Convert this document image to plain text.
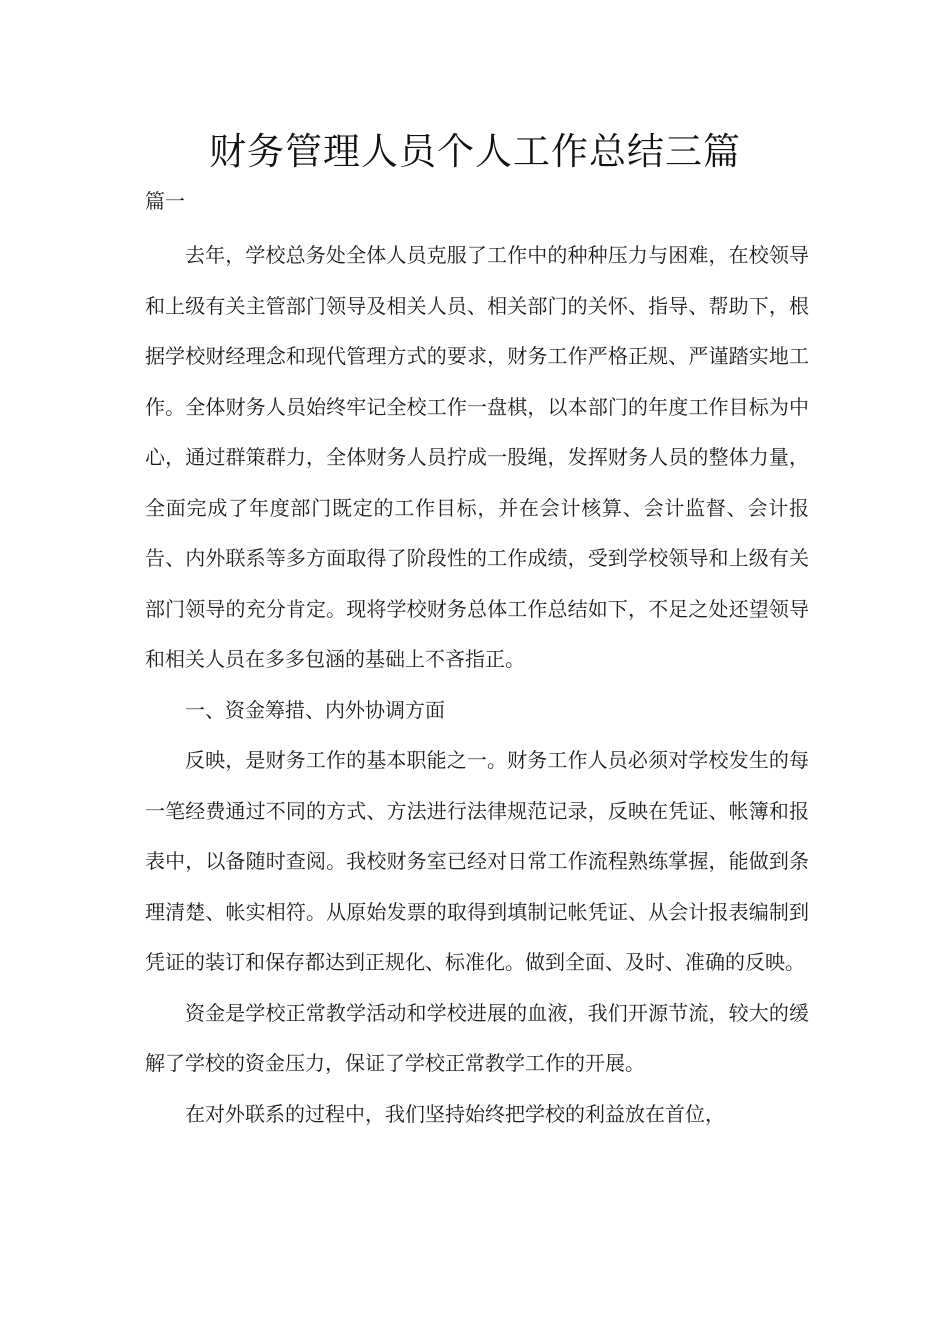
财务管理人员个人工作总结三篇
篇一

去年，学校总务处全体人员克服了工作中的种种压力与困难，在校领导和上级有关主管部门领导及相关人员、相关部门的关怀、指导、帮助下，根据学校财经理念和现代管理方式的要求，财务工作严格正规、严谨踏实地工作。全体财务人员始终牢记全校工作一盘棋，以本部门的年度工作目标为中心，通过群策群力，全体财务人员拧成一股绳，发挥财务人员的整体力量，全面完成了年度部门既定的工作目标，并在会计核算、会计监督、会计报告、内外联系等多方面取得了阶段性的工作成绩，受到学校领导和上级有关部门领导的充分肯定。现将学校财务总体工作总结如下，不足之处还望领导和相关人员在多多包涵的基础上不吝指正。

一、资金筹措、内外协调方面

反映，是财务工作的基本职能之一。财务工作人员必须对学校发生的每一笔经费通过不同的方式、方法进行法律规范记录，反映在凭证、帐簿和报表中，以备随时查阅。我校财务室已经对日常工作流程熟练掌握，能做到条理清楚、帐实相符。从原始发票的取得到填制记帐凭证、从会计报表编制到凭证的装订和保存都达到正规化、标准化。做到全面、及时、准确的反映。

资金是学校正常教学活动和学校进展的血液，我们开源节流，较大的缓解了学校的资金压力，保证了学校正常教学工作的开展。

在对外联系的过程中，我们坚持始终把学校的利益放在首位，
